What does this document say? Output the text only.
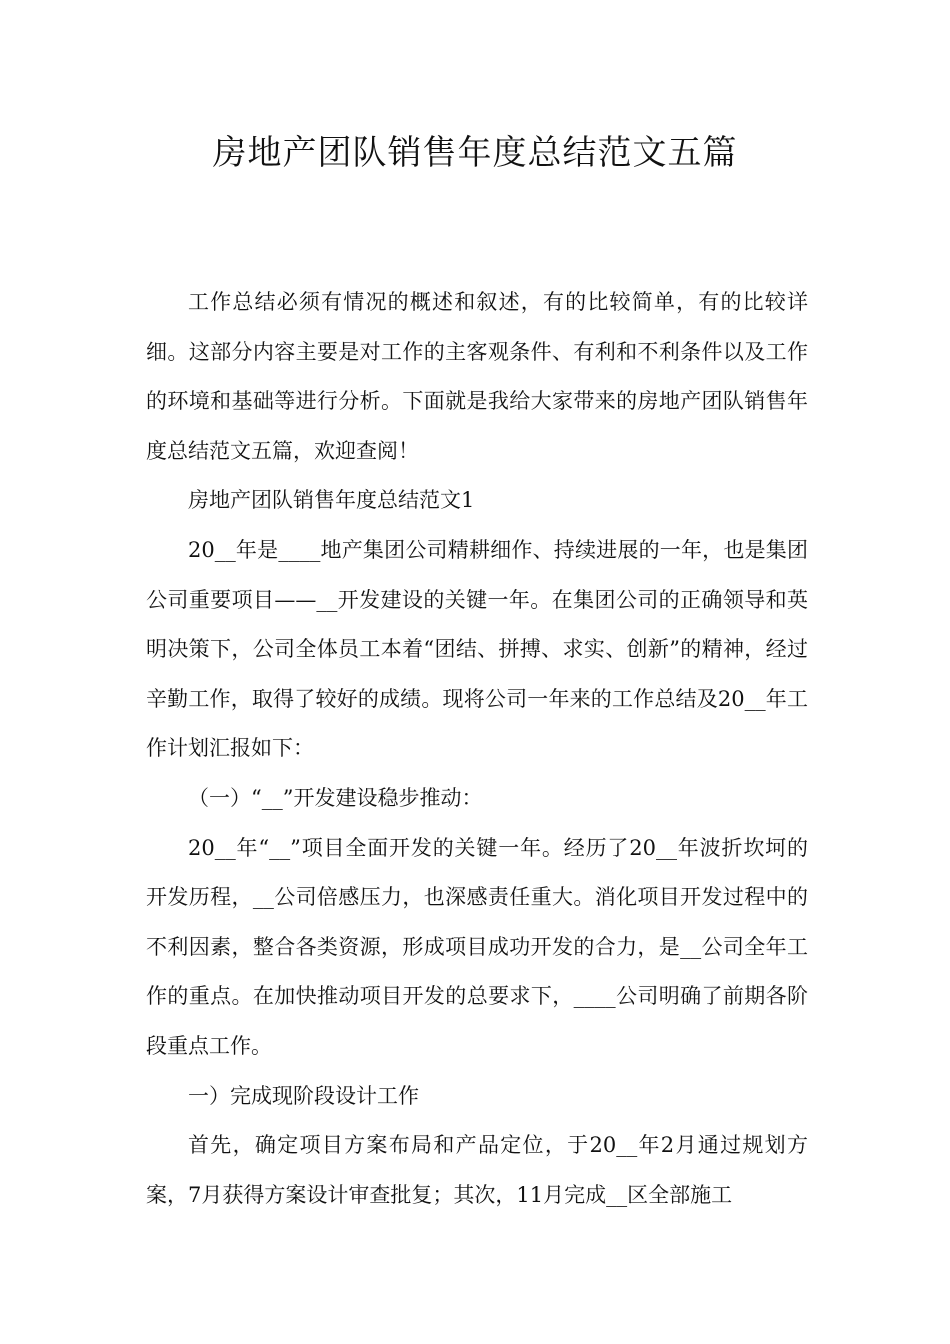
房地产团队销售年度总结范文五篇

工作总结必须有情况的概述和叙述，有的比较简单，有的比较详细。这部分内容主要是对工作的主客观条件、有利和不利条件以及工作的环境和基础等进行分析。下面就是我给大家带来的房地产团队销售年度总结范文五篇，欢迎查阅！

房地产团队销售年度总结范文1

20__年是____地产集团公司精耕细作、持续进展的一年，也是集团公司重要项目——__开发建设的关键一年。在集团公司的正确领导和英明决策下，公司全体员工本着“团结、拼搏、求实、创新”的精神，经过辛勤工作，取得了较好的成绩。现将公司一年来的工作总结及20__年工作计划汇报如下：

（一）“__”开发建设稳步推动：

20__年“__”项目全面开发的关键一年。经历了20__年波折坎坷的开发历程，__公司倍感压力，也深感责任重大。消化项目开发过程中的不利因素，整合各类资源，形成项目成功开发的合力，是__公司全年工作的重点。在加快推动项目开发的总要求下，____公司明确了前期各阶段重点工作。

一）完成现阶段设计工作

首先，确定项目方案布局和产品定位，于20__年2月通过规划方案，7月获得方案设计审查批复；其次，11月完成__区全部施工
